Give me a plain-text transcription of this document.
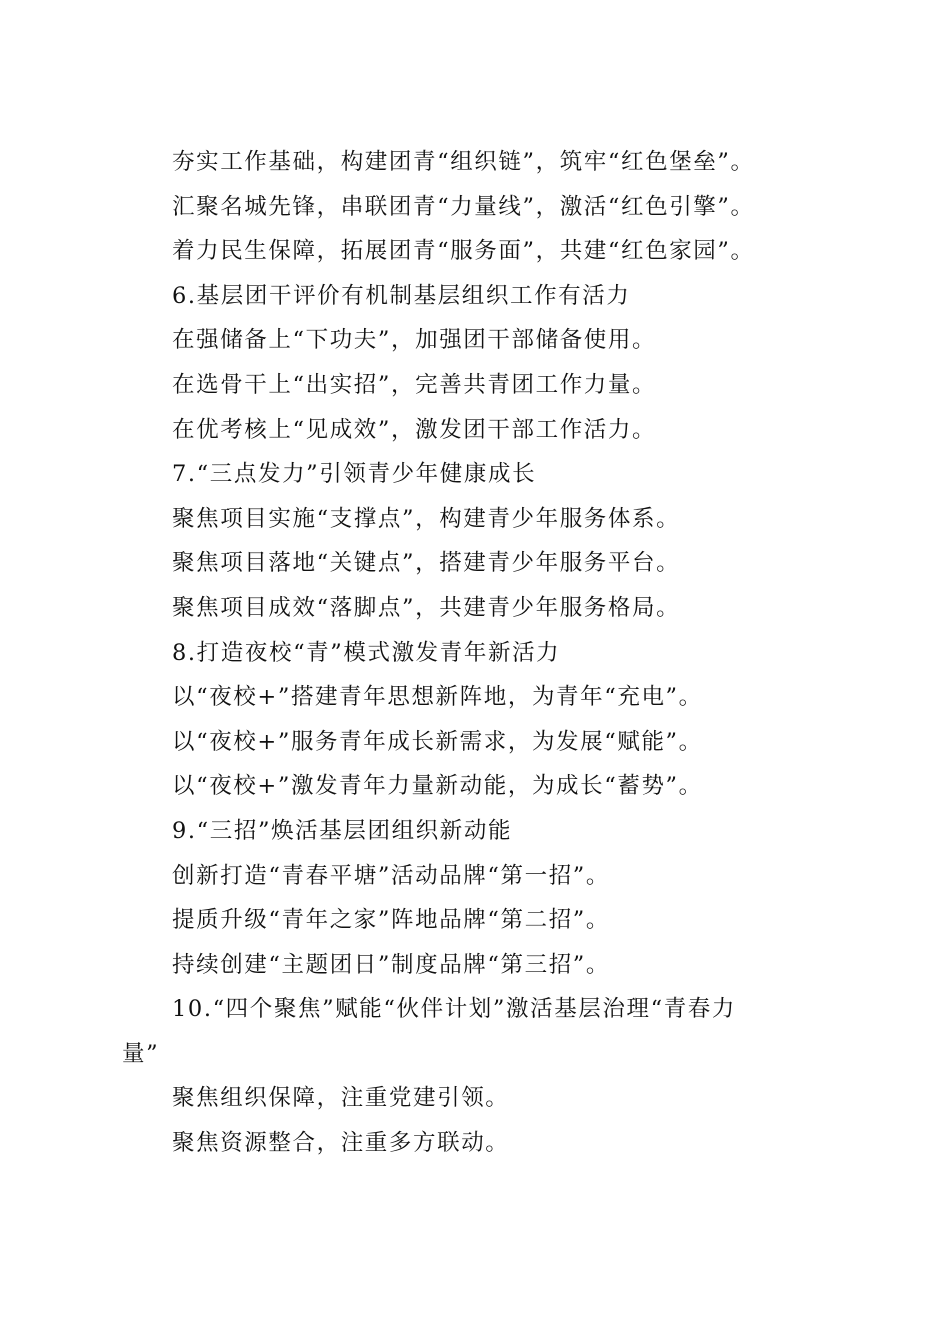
夯实工作基础，构建团青“组织链”，筑牢“红色堡垒”。
汇聚名城先锋，串联团青“力量线”，激活“红色引擎”。
着力民生保障，拓展团青“服务面”，共建“红色家园”。
6.基层团干评价有机制基层组织工作有活力
在强储备上“下功夫”，加强团干部储备使用。
在选骨干上“出实招”，完善共青团工作力量。
在优考核上“见成效”，激发团干部工作活力。
7.“三点发力”引领青少年健康成长
聚焦项目实施“支撑点”，构建青少年服务体系。
聚焦项目落地“关键点”，搭建青少年服务平台。
聚焦项目成效“落脚点”，共建青少年服务格局。
8.打造夜校“青”模式激发青年新活力
以“夜校+”搭建青年思想新阵地，为青年“充电”。
以“夜校+”服务青年成长新需求，为发展“赋能”。
以“夜校+”激发青年力量新动能，为成长“蓄势”。
9.“三招”焕活基层团组织新动能
创新打造“青春平塘”活动品牌“第一招”。
提质升级“青年之家”阵地品牌“第二招”。
持续创建“主题团日”制度品牌“第三招”。
10.“四个聚焦”赋能“伙伴计划”激活基层治理“青春力
量”
聚焦组织保障，注重党建引领。
聚焦资源整合，注重多方联动。
